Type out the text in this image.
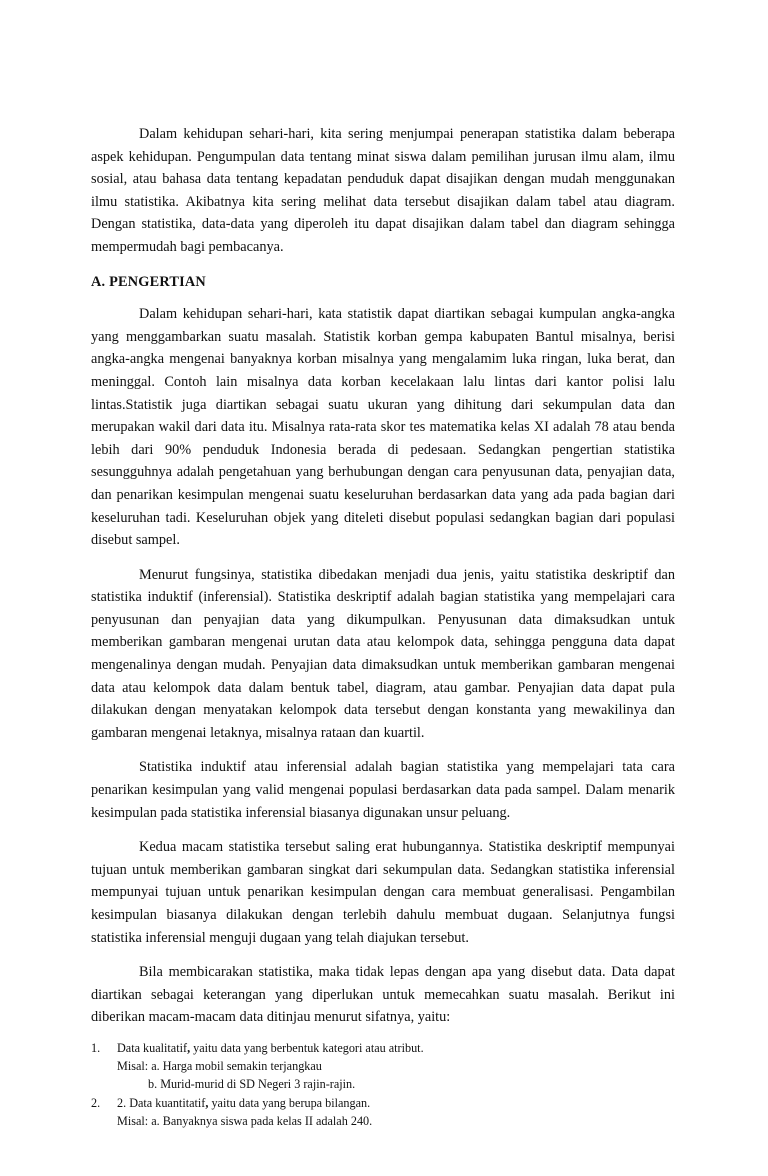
Dalam kehidupan sehari-hari, kita sering menjumpai penerapan statistika dalam beberapa aspek kehidupan. Pengumpulan data tentang minat siswa dalam pemilihan jurusan ilmu alam, ilmu sosial, atau bahasa data tentang kepadatan penduduk dapat disajikan dengan mudah menggunakan ilmu statistika. Akibatnya kita sering melihat data tersebut disajikan dalam tabel atau diagram. Dengan statistika, data-data yang diperoleh itu dapat disajikan dalam tabel dan diagram sehingga mempermudah bagi pembacanya.

A. PENGERTIAN

Dalam kehidupan sehari-hari, kata statistik dapat diartikan sebagai kumpulan angka-angka yang menggambarkan suatu masalah. Statistik korban gempa kabupaten Bantul misalnya, berisi angka-angka mengenai banyaknya korban misalnya yang mengalamim luka ringan, luka berat, dan meninggal. Contoh lain misalnya data korban kecelakaan lalu lintas dari kantor polisi lalu lintas.Statistik juga diartikan sebagai suatu ukuran yang dihitung dari sekumpulan data dan merupakan wakil dari data itu. Misalnya rata-rata skor tes matematika kelas XI adalah 78 atau benda lebih dari 90% penduduk Indonesia berada di pedesaan. Sedangkan pengertian statistika sesungguhnya adalah pengetahuan yang berhubungan dengan cara penyusunan data, penyajian data, dan penarikan kesimpulan mengenai suatu keseluruhan berdasarkan data yang ada pada bagian dari keseluruhan tadi. Keseluruhan objek yang diteleti disebut populasi sedangkan bagian dari populasi disebut sampel.

Menurut fungsinya, statistika dibedakan menjadi dua jenis, yaitu statistika deskriptif dan statistika induktif (inferensial). Statistika deskriptif adalah bagian statistika yang mempelajari cara penyusunan dan penyajian data yang dikumpulkan. Penyusunan data dimaksudkan untuk memberikan gambaran mengenai urutan data atau kelompok data, sehingga pengguna data dapat mengenalinya dengan mudah. Penyajian data dimaksudkan untuk memberikan gambaran mengenai data atau kelompok data dalam bentuk tabel, diagram, atau gambar. Penyajian data dapat pula dilakukan dengan menyatakan kelompok data tersebut dengan konstanta yang mewakilinya dan gambaran mengenai letaknya, misalnya rataan dan kuartil.

Statistika induktif atau inferensial adalah bagian statistika yang mempelajari tata cara penarikan kesimpulan yang valid mengenai populasi berdasarkan data pada sampel. Dalam menarik kesimpulan pada statistika inferensial biasanya digunakan unsur peluang.

Kedua macam statistika tersebut saling erat hubungannya. Statistika deskriptif mempunyai tujuan untuk memberikan gambaran singkat dari sekumpulan data. Sedangkan statistika inferensial mempunyai tujuan untuk penarikan kesimpulan dengan cara membuat generalisasi. Pengambilan kesimpulan biasanya dilakukan dengan terlebih dahulu membuat dugaan. Selanjutnya fungsi statistika inferensial menguji dugaan yang telah diajukan tersebut.

Bila membicarakan statistika, maka tidak lepas dengan apa yang disebut data. Data dapat diartikan sebagai keterangan yang diperlukan untuk memecahkan suatu masalah. Berikut ini diberikan macam-macam data ditinjau menurut sifatnya, yaitu:

1. Data kualitatif, yaitu data yang berbentuk kategori atau atribut.
Misal: a. Harga mobil semakin terjangkau
b. Murid-murid di SD Negeri 3 rajin-rajin.
2. 2. Data kuantitatif, yaitu data yang berupa bilangan.
Misal: a. Banyaknya siswa pada kelas II adalah 240.
